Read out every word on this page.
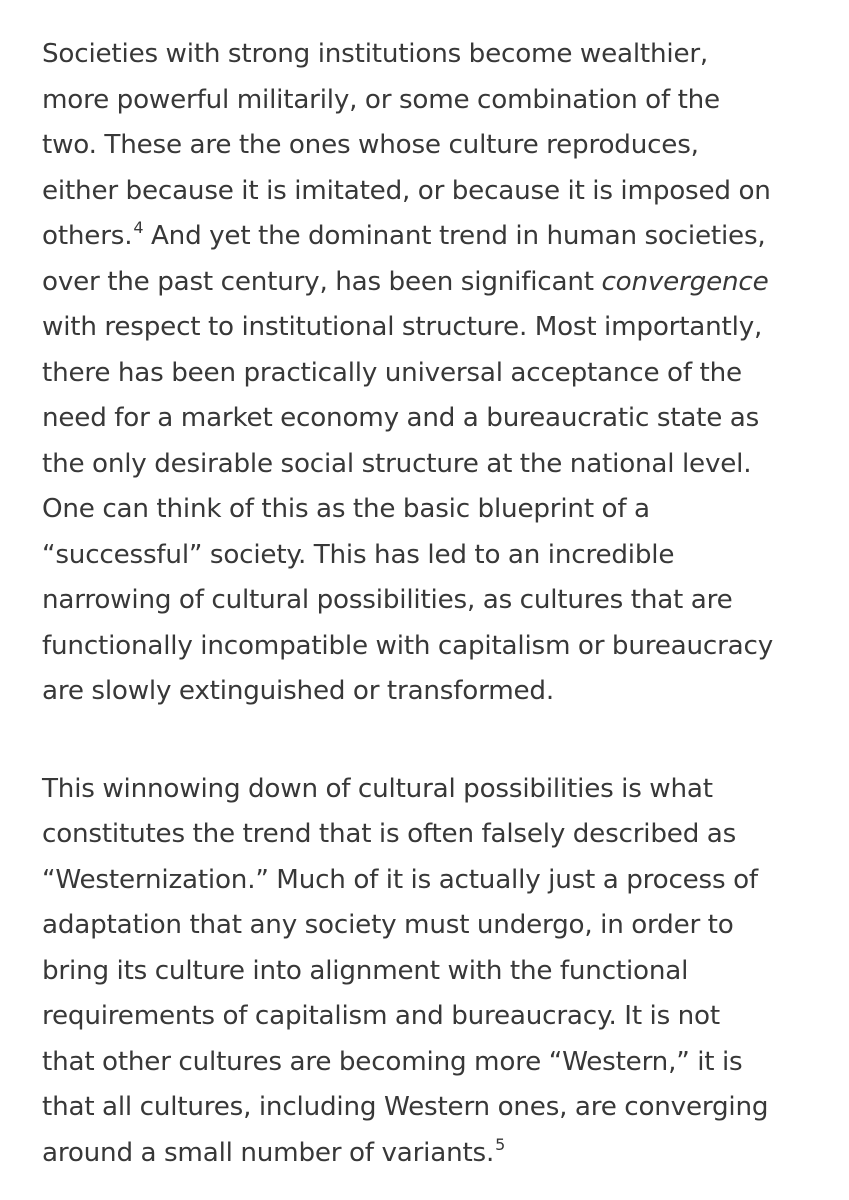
Societies with strong institutions become wealthier,
more powerful militarily, or some combination of the
two. These are the ones whose culture reproduces,
either because it is imitated, or because it is imposed on
others.$^4$ And yet the dominant trend in human societies,
over the past century, has been significant convergence
with respect to institutional structure. Most importantly,
there has been practically universal acceptance of the
need for a market economy and a bureaucratic state as
the only desirable social structure at the national level.
One can think of this as the basic blueprint of a
“successful” society. This has led to an incredible
narrowing of cultural possibilities, as cultures that are
functionally incompatible with capitalism or bureaucracy
are slowly extinguished or transformed.

This winnowing down of cultural possibilities is what
constitutes the trend that is often falsely described as
“Westernization.” Much of it is actually just a process of
adaptation that any society must undergo, in order to
bring its culture into alignment with the functional
requirements of capitalism and bureaucracy. It is not
that other cultures are becoming more “Western,” it is
that all cultures, including Western ones, are converging
around a small number of variants.$^5$
